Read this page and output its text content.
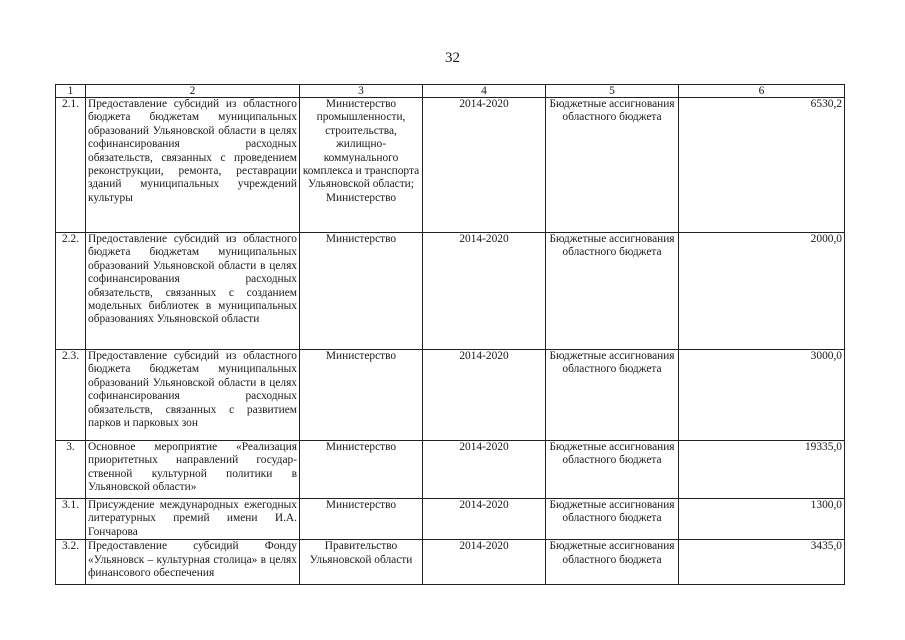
32
1	2	3	4	5	6
2.1.	Предоставление субсидий из областного бюджета бюджетам муниципальных образований Ульяновской области в целях софинансирования расходных обязательств, связанных с проведением реконструкции, ремонта, реставрации зданий муниципальных учреждений культуры	Министерство промышленности, строительства, жилищно-коммунального комплекса и транспорта Ульяновской области; Министерство	2014-2020	Бюджетные ассигнования областного бюджета	6530,2
2.2.	Предоставление субсидий из областного бюджета бюджетам муниципальных образований Ульяновской области в целях софинансирования расходных обязательств, связанных с созданием модельных библиотек в муниципальных образованиях Ульяновской области	Министерство	2014-2020	Бюджетные ассигнования областного бюджета	2000,0
2.3.	Предоставление субсидий из областного бюджета бюджетам муниципальных образований Ульяновской области в целях софинансирования расходных обязательств, связанных с развитием парков и парковых зон	Министерство	2014-2020	Бюджетные ассигнования областного бюджета	3000,0
3.	Основное мероприятие «Реализация приоритетных направлений государственной культурной политики в Ульяновской области»	Министерство	2014-2020	Бюджетные ассигнования областного бюджета	19335,0
3.1.	Присуждение международных ежегодных литературных премий имени И.А. Гончарова	Министерство	2014-2020	Бюджетные ассигнования областного бюджета	1300,0
3.2.	Предоставление субсидий Фонду «Ульяновск – культурная столица» в целях финансового обеспечения	Правительство Ульяновской области	2014-2020	Бюджетные ассигнования областного бюджета	3435,0
